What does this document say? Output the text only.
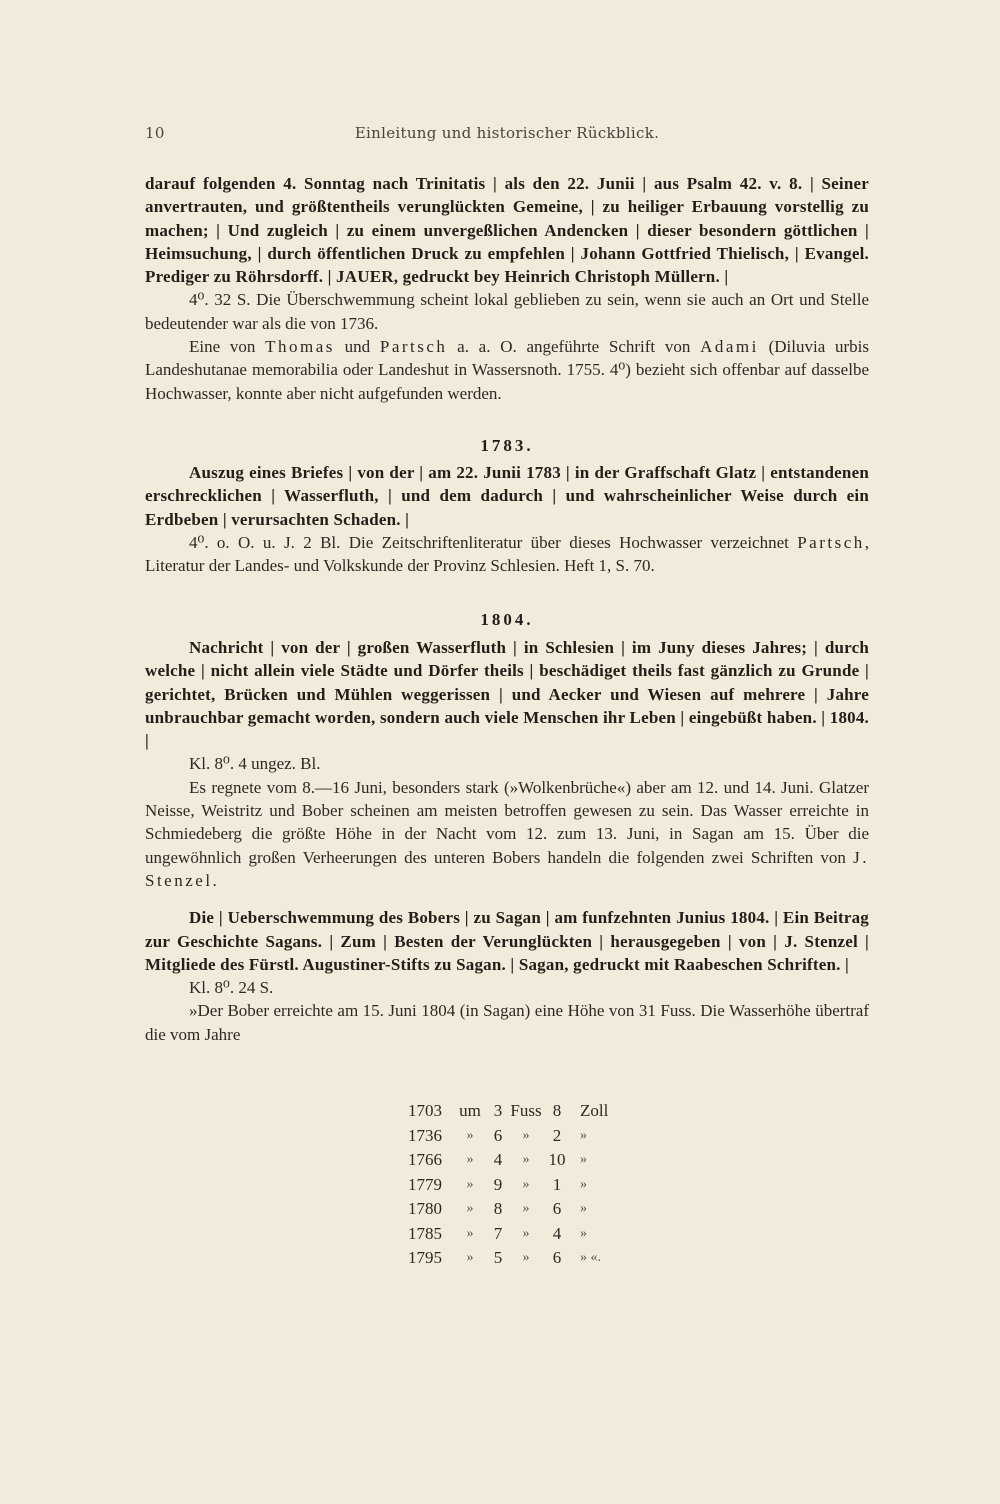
10	Einleitung und historischer Rückblick.

darauf folgenden 4. Sonntag nach Trinitatis | als den 22. Junii | aus Psalm 42. v. 8. | Seiner anvertrauten, und größtentheils verunglückten Gemeine, | zu heiliger Erbauung vorstellig zu machen; | Und zugleich | zu einem unvergeßlichen Andencken | dieser besondern göttlichen | Heimsuchung, | durch öffentlichen Druck zu empfehlen | Johann Gottfried Thielisch, | Evangel. Prediger zu Röhrsdorff. | JAUER, gedruckt bey Heinrich Christoph Müllern. |

4⁰. 32 S. Die Überschwemmung scheint lokal geblieben zu sein, wenn sie auch an Ort und Stelle bedeutender war als die von 1736.

Eine von Thomas und Partsch a. a. O. angeführte Schrift von Adami (Diluvia urbis Landeshutanae memorabilia oder Landeshut in Wassersnoth. 1755. 4⁰) bezieht sich offenbar auf dasselbe Hochwasser, konnte aber nicht aufgefunden werden.

1783.

Auszug eines Briefes | von der | am 22. Junii 1783 | in der Graffschaft Glatz | entstandenen erschrecklichen | Wasserfluth, | und dem dadurch | und wahrscheinlicher Weise durch ein Erdbeben | verursachten Schaden. |

4⁰. o. O. u. J. 2 Bl. Die Zeitschriftenliteratur über dieses Hochwasser verzeichnet Partsch, Literatur der Landes- und Volkskunde der Provinz Schlesien. Heft 1, S. 70.

1804.

Nachricht | von der | großen Wasserfluth | in Schlesien | im Juny dieses Jahres; | durch welche | nicht allein viele Städte und Dörfer theils | beschädiget theils fast gänzlich zu Grunde | gerichtet, Brücken und Mühlen weggerissen | und Aecker und Wiesen auf mehrere | Jahre unbrauchbar gemacht worden, sondern auch viele Menschen ihr Leben | eingebüßt haben. | 1804. |

Kl. 8⁰. 4 ungez. Bl.

Es regnete vom 8.—16 Juni, besonders stark (»Wolkenbrüche«) aber am 12. und 14. Juni. Glatzer Neisse, Weistritz und Bober scheinen am meisten betroffen gewesen zu sein. Das Wasser erreichte in Schmiedeberg die größte Höhe in der Nacht vom 12. zum 13. Juni, in Sagan am 15. Über die ungewöhnlich großen Verheerungen des unteren Bobers handeln die folgenden zwei Schriften von J. Stenzel.

Die | Ueberschwemmung des Bobers | zu Sagan | am funfzehnten Junius 1804. | Ein Beitrag zur Geschichte Sagans. | Zum | Besten der Verunglückten | herausgegeben | von | J. Stenzel | Mitgliede des Fürstl. Augustiner-Stifts zu Sagan. | Sagan, gedruckt mit Raabeschen Schriften. |

Kl. 8⁰. 24 S.

»Der Bober erreichte am 15. Juni 1804 (in Sagan) eine Höhe von 31 Fuss. Die Wasserhöhe übertraf die vom Jahre

1703	um	3	Fuss	8	Zoll
1736	»	6	»	2	»
1766	»	4	»	10	»
1779	»	9	»	1	»
1780	»	8	»	6	»
1785	»	7	»	4	»
1795	»	5	»	6	» «.
